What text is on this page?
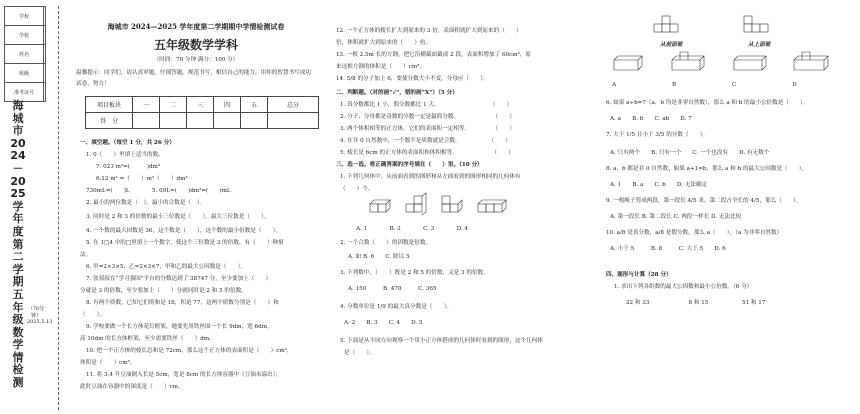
学校	
学校	
姓名	
班级	
准考证号	
海城市2024－2025学年度第二学期五年级数学情检测
（70分钟）
2025.5.13
海城市 2024—2025 学年度第二学期期中学情检测试卷
五年级数学学科
（时间：70 分钟 满分：100 分）
温馨提示：同学们，请认真审题，仔细答题，规范书写，相信自己的能力，用你的智慧书写成功试卷，努力！
项目板块	一	二	三	四	五	总分
得　分						
一、填空题。（每空 1 分，共 26 分）
1. 0（　　）里填上适当的数。
7. 023 m³=(　　　)dm³
6.12 m³ =（　　）m³（　　）dm³
730mL=(　　)L　　　　5. 09L=(　　)dm³=(　　)mL
2. 最小的两位数是（　）。最小的合数是（　）。
3. 同时是 2 和 3 的倍数的最小三位数是（　　），最大三位数是（　　）。
4. 一个数的最大因数是 36，这个数是（　　），这个数的最小倍数是（　　）。
5. 在 1□4 中的□里填上一个数字，使这个三位数是 3 的倍数，有（　　）种填
法。
6. 甲=2×3×5，乙=2×3×7，甲和乙的最大公因数是（　　）。
7. 张叔叔在“学习强国”平台的分数达到了 38747 分，至少要加上（　　）
分就是 3 的倍数，至少要加上（　　）分就同时是 2 和 5 的倍数。
8. 有两个质数，已知它们的和是 18，积是 77，这两个质数分别是（　　）和
（　　）。
9. 学校要做一个长方体花灯框架，她要先用铁丝围一个长 9dm，宽 6dm，
高 10dm 的长方体框架，至少需要铁丝（　　）dm。
10. 把一个正方体的棱长总和是 72cm，那么这个正方体的表面积是（　　）cm²，
体积是（　　）cm³。
11. 将 3.4 升豆油倒入长是 5cm，宽是 8cm 的长方体容器中（豆油未溢出），
此时豆油在容器中的深度是（　　）cm。
12. 一个正方体的棱长扩大到原来的 3 倍，表面积就扩大到原来的（　　）
倍，体积就扩大到原来的（　　）倍。
13. 一根 2.5m 长的方钢，把它沿横截面截成 2 段，表面积增加了 60cm²，原
来这根方钢的体积是（　　）cm³。
14. 5/8 的分子加上 6，要使分数大小不变，分母应（　　）。
二、判断题。（对的画“√”，错的画“X”）（5 分）
1. 真分数都比 1 小，假分数都比 1 大。　　　　　　　　　　（　　）
2. 分子、分母都是奇数的分数一定是最简分数。　　　　　　　（　　）
3. 两个体积相等的正方体，它们的表面积一定相等。　　　　　（　　）
4. 在非 0 自然数中，一个数不是质数就是合数。　　　　　　（　　）
5. 棱长是 6cm 的正方体的表面积和体积相等。　　　　　　　（　　）
三、选一选。将正确答案的序号填在（　　）里。（10 分）
1. 下列几何体中，从前面看到的图形和从左面看到的图形相同的几何体有
（　　）个。
A. 1　　　　B. 2　　　　C. 3　　　　D. 4
2. 一个合数（　　）的因数是倍数。
A. 如 B. 6　　C. 除以 5
3. 下列数中，（　　）既是 2 和 5 的倍数，又是 3 的倍数。
A. 150　　　B. 470　　　C. 365
4. 分数单位是 1/9 的最大真分数是（　　）。
A. 2　　B. 3　　C. 4　　D. 5
5. 下面是从不同方向观察一个用小正方体搭成的几何体时看到的图形，这个几何体
是（　　）。
从前面看	从上面看
A　　　　　　　　　　B　　　　　　　　　　C　　　　　　　　　　D
6. 如果 a÷b=7（a，b 均是非零自然数），那么 a 和 b 的最小公倍数是（　　）。
A. a　　B. b　　C. ab　　D. 7
7. 大于 1/5 且小于 3/5 的分数（　　）。
A. 只有两个　　B. 只有一个　　C. 一个也没有　　D. 有无数个
8. a，b 都是非 0 自然数，如果 a+1=b，那么 a 和 b 的最大公因数是（　　）。
A. 1　　B. a　　C. b　　D. 无法确定
9. 一根绳子剪成两段，第一段长 4/5 米，第二段占全长的 4/5，那么（　　）。
A. 第一段长 B. 第二段长 C. 两段一样长 D. 无法比较
10. a/8 是真分数，a/8 是假分数，那么 a（　　）。（a 为非零自然数）
A. 小于 5　　　B. 8　　　C. 大于 5　　D. 6
四、图形与计算（28 分）
1. 求出下列各组数的最大公因数和最小公倍数。（6 分）
22 和 33　　　　　　　8 和 15　　　　　　51 和 17
